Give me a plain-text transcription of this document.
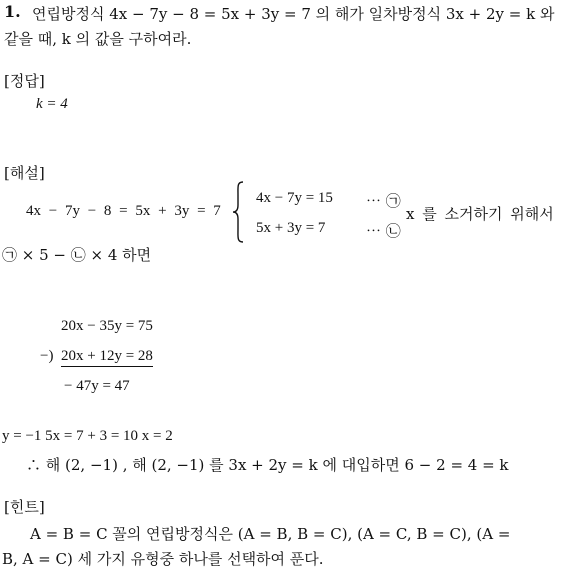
1. 연립방정식 4x − 7y − 8 = 5x + 3y = 7 의 해가 일차방정식 3x + 2y = k 와
같을 때, k 의 값을 구하여라.
[정답]
k = 4
[해설]
4x − 7y − 8 = 5x + 3y = 7
4x − 7y = 15
5x + 3y = 7
⋯ ㉠
⋯ ㉡
x 를 소거하기 위해서
㉠ × 5 − ㉡ × 4 하면
20x − 35y = 75
−) 20x + 12y = 28
− 47y = 47
y = −1 5x = 7 + 3 = 10 x = 2
∴ 해 (2, −1) , 해 (2, −1) 를 3x + 2y = k 에 대입하면 6 − 2 = 4 = k
[힌트]
A = B = C 꼴의 연립방정식은 (A = B, B = C), (A = C, B = C), (A =
B, A = C) 세 가지 유형중 하나를 선택하여 푼다.
